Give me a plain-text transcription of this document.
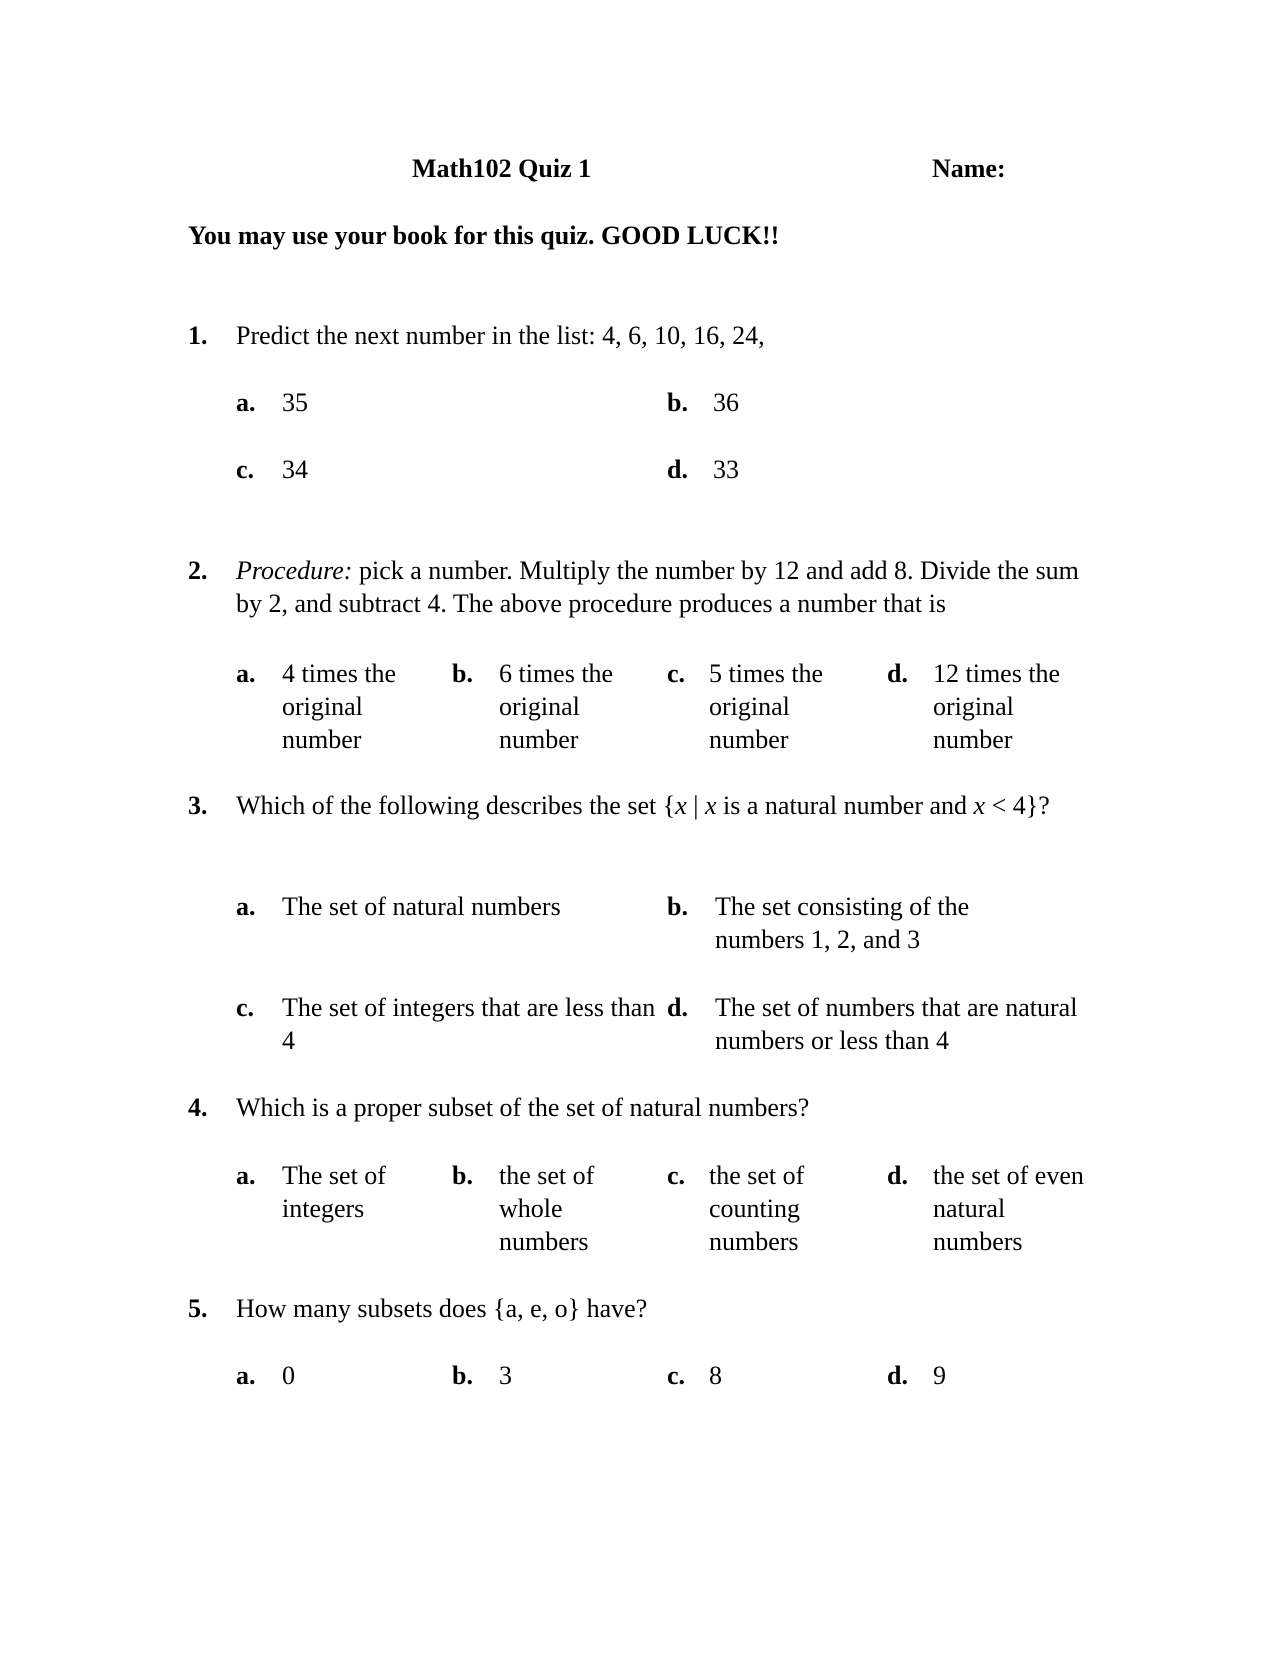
Math102 Quiz 1	Name:
You may use your book for this quiz. GOOD LUCK!!
1. Predict the next number in the list: 4, 6, 10, 16, 24,
a. 35	b. 36
c. 34	d. 33
2. Procedure: pick a number. Multiply the number by 12 and add 8. Divide the sum by 2, and subtract 4. The above procedure produces a number that is
a. 4 times the original number
b. 6 times the original number
c. 5 times the original number
d. 12 times the original number
3. Which of the following describes the set {x | x is a natural number and x < 4}?
a. The set of natural numbers	b. The set consisting of the numbers 1, 2, and 3
c. The set of integers that are less than 4
d. The set of numbers that are natural numbers or less than 4
4. Which is a proper subset of the set of natural numbers?
a. The set of integers
b. the set of whole numbers
c. the set of counting numbers
d. the set of even natural numbers
5. How many subsets does {a, e, o} have?
a. 0	b. 3	c. 8	d. 9
